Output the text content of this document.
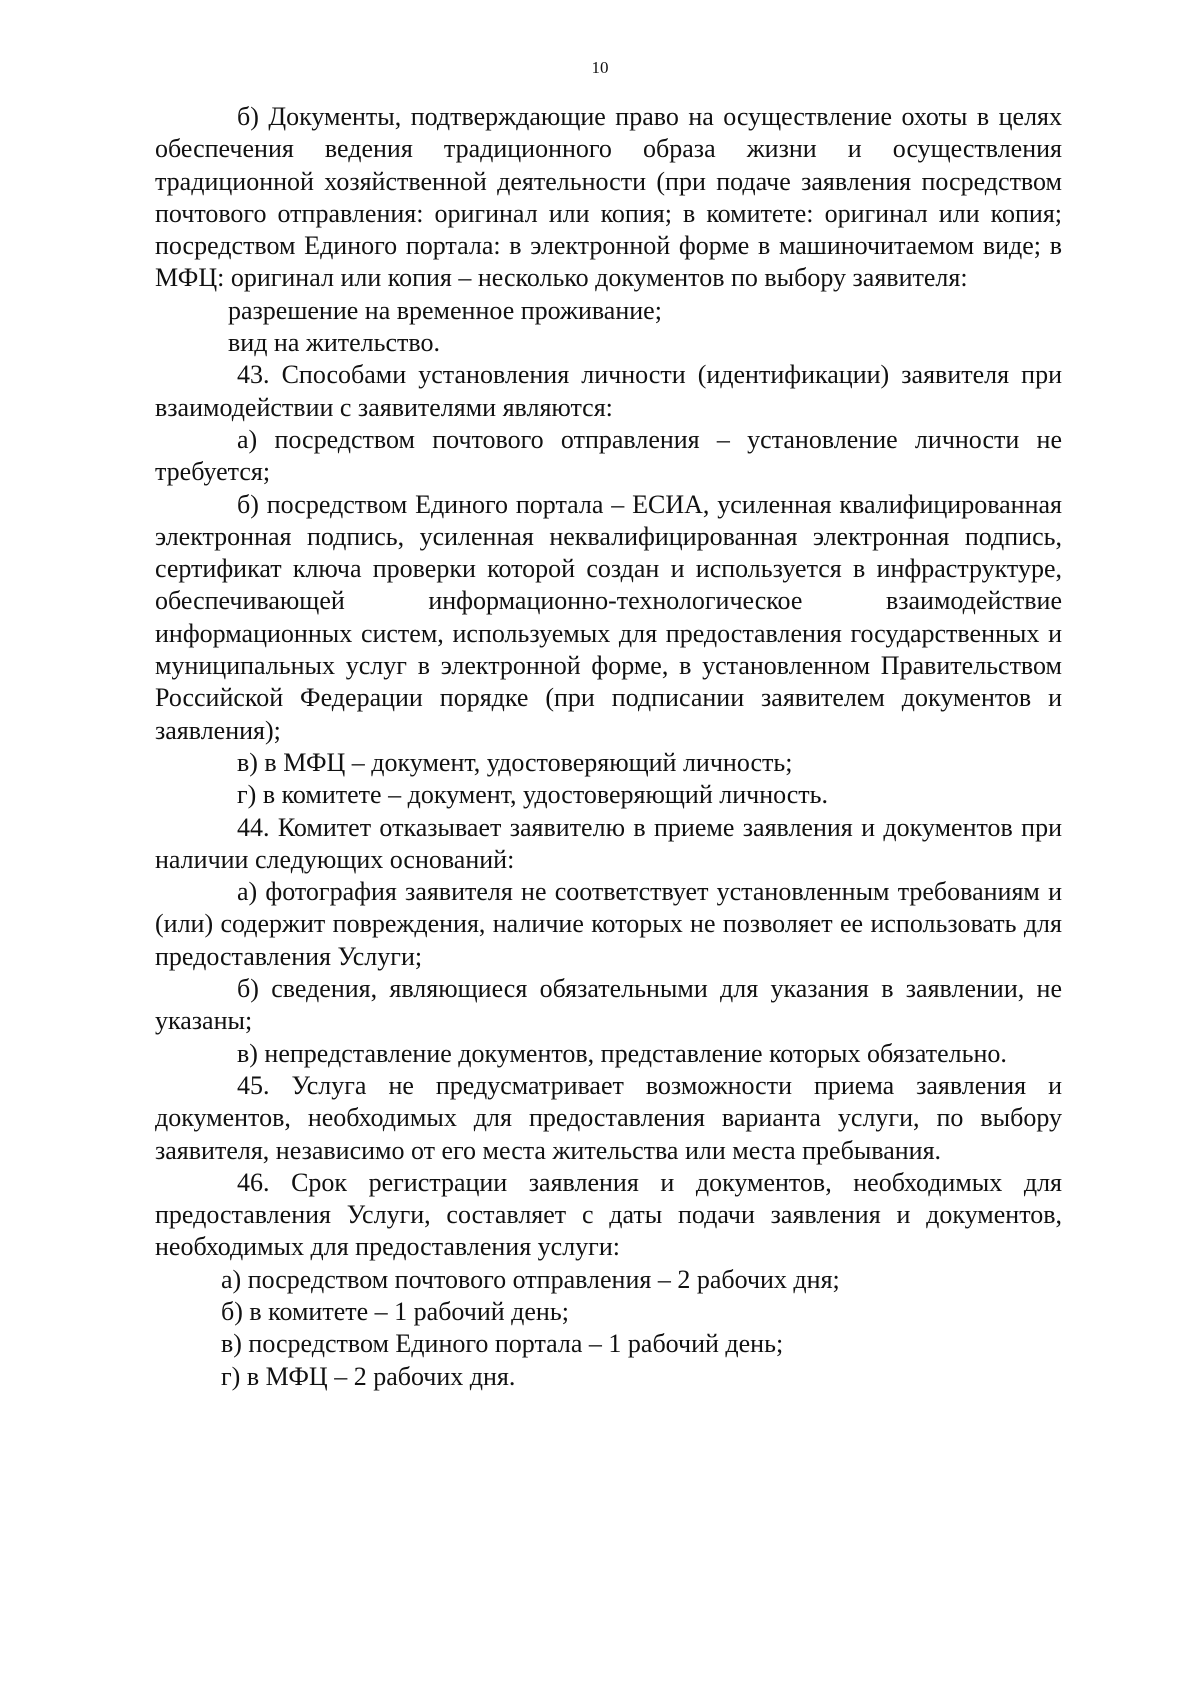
10

б) Документы, подтверждающие право на осуществление охоты в целях обеспечения ведения традиционного образа жизни и осуществления традиционной хозяйственной деятельности (при подаче заявления посредством почтового отправления: оригинал или копия; в комитете: оригинал или копия; посредством Единого портала: в электронной форме в машиночитаемом виде; в МФЦ: оригинал или копия – несколько документов по выбору заявителя:

разрешение на временное проживание;

вид на жительство.

43. Способами установления личности (идентификации) заявителя при взаимодействии с заявителями являются:

а) посредством почтового отправления – установление личности не требуется;

б) посредством Единого портала – ЕСИА, усиленная квалифицированная электронная подпись, усиленная неквалифицированная электронная подпись, сертификат ключа проверки которой создан и используется в инфраструктуре, обеспечивающей информационно-технологическое взаимодействие информационных систем, используемых для предоставления государственных и муниципальных услуг в электронной форме, в установленном Правительством Российской Федерации порядке (при подписании заявителем документов и заявления);

в) в МФЦ – документ, удостоверяющий личность;

г) в комитете – документ, удостоверяющий личность.

44. Комитет отказывает заявителю в приеме заявления и документов при наличии следующих оснований:

а) фотография заявителя не соответствует установленным требованиям и (или) содержит повреждения, наличие которых не позволяет ее использовать для предоставления Услуги;

б) сведения, являющиеся обязательными для указания в заявлении, не указаны;

в) непредставление документов, представление которых обязательно.

45. Услуга не предусматривает возможности приема заявления и документов, необходимых для предоставления варианта услуги, по выбору заявителя, независимо от его места жительства или места пребывания.

46. Срок регистрации заявления и документов, необходимых для предоставления Услуги, составляет с даты подачи заявления и документов, необходимых для предоставления услуги:

а) посредством почтового отправления – 2 рабочих дня;

б) в комитете – 1 рабочий день;

в) посредством Единого портала – 1 рабочий день;

г) в МФЦ – 2 рабочих дня.
